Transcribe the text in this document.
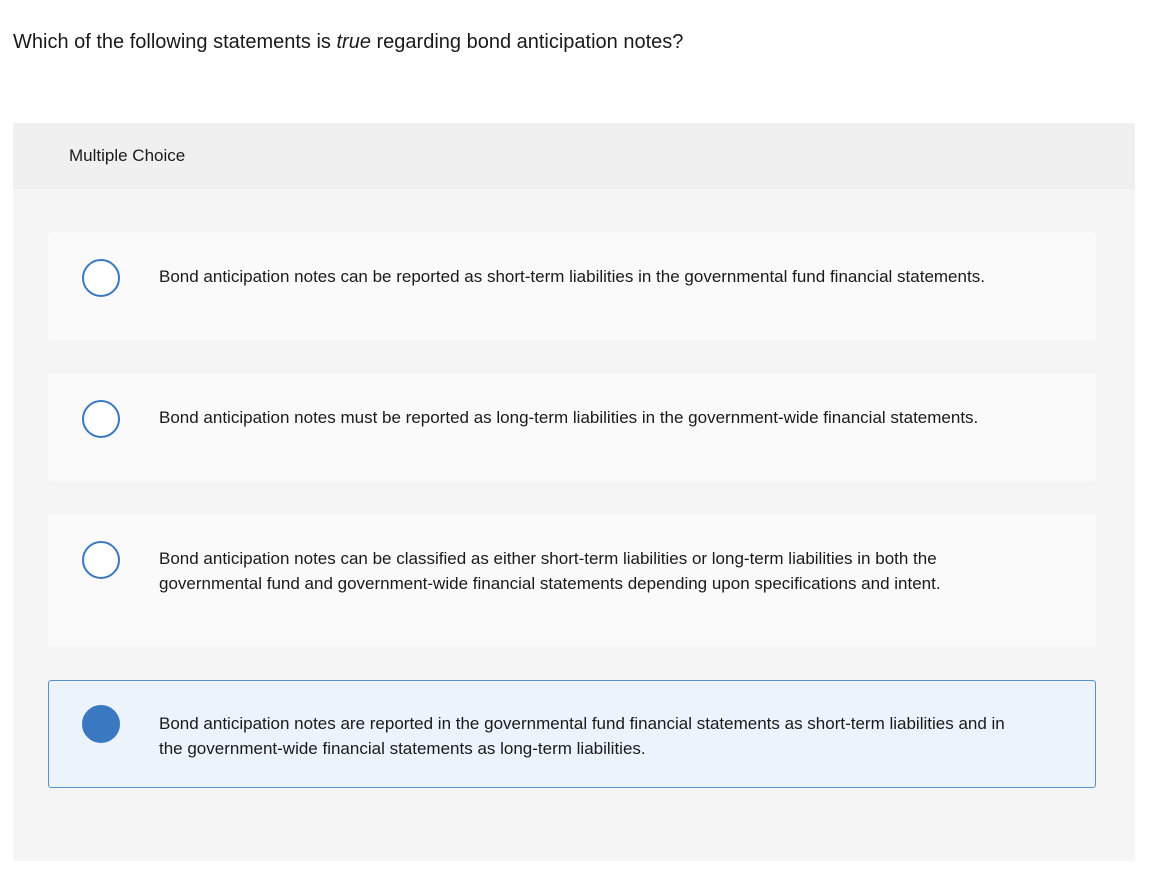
Which of the following statements is true regarding bond anticipation notes?
Multiple Choice
Bond anticipation notes can be reported as short-term liabilities in the governmental fund financial statements.
Bond anticipation notes must be reported as long-term liabilities in the government-wide financial statements.
Bond anticipation notes can be classified as either short-term liabilities or long-term liabilities in both the governmental fund and government-wide financial statements depending upon specifications and intent.
Bond anticipation notes are reported in the governmental fund financial statements as short-term liabilities and in the government-wide financial statements as long-term liabilities.
